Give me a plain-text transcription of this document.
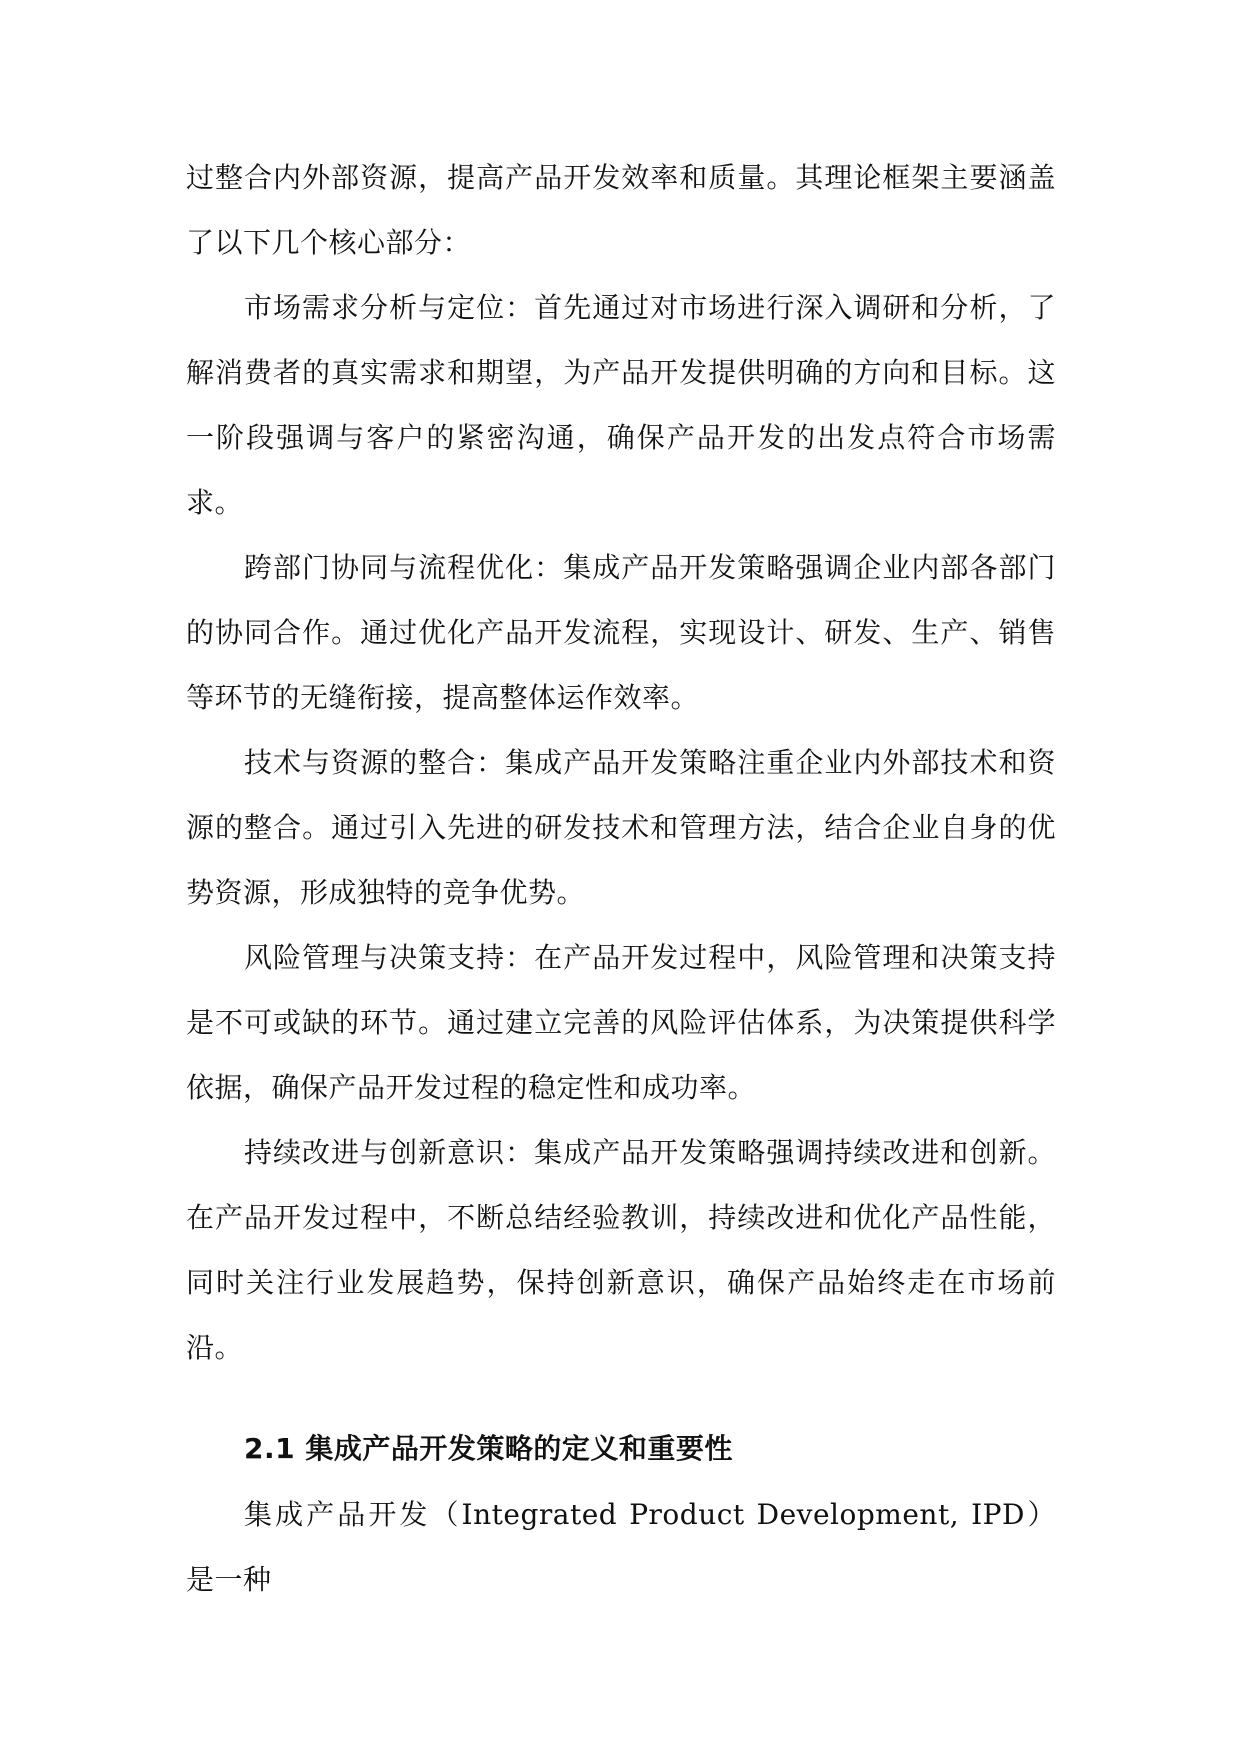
过整合内外部资源，提高产品开发效率和质量。其理论框架主要涵盖了以下几个核心部分：

市场需求分析与定位：首先通过对市场进行深入调研和分析，了解消费者的真实需求和期望，为产品开发提供明确的方向和目标。这一阶段强调与客户的紧密沟通，确保产品开发的出发点符合市场需求。

跨部门协同与流程优化：集成产品开发策略强调企业内部各部门的协同合作。通过优化产品开发流程，实现设计、研发、生产、销售等环节的无缝衔接，提高整体运作效率。

技术与资源的整合：集成产品开发策略注重企业内外部技术和资源的整合。通过引入先进的研发技术和管理方法，结合企业自身的优势资源，形成独特的竞争优势。

风险管理与决策支持：在产品开发过程中，风险管理和决策支持是不可或缺的环节。通过建立完善的风险评估体系，为决策提供科学依据，确保产品开发过程的稳定性和成功率。

持续改进与创新意识：集成产品开发策略强调持续改进和创新。在产品开发过程中，不断总结经验教训，持续改进和优化产品性能，同时关注行业发展趋势，保持创新意识，确保产品始终走在市场前沿。

2.1 集成产品开发策略的定义和重要性

集成产品开发（Integrated Product Development, IPD）是一种
